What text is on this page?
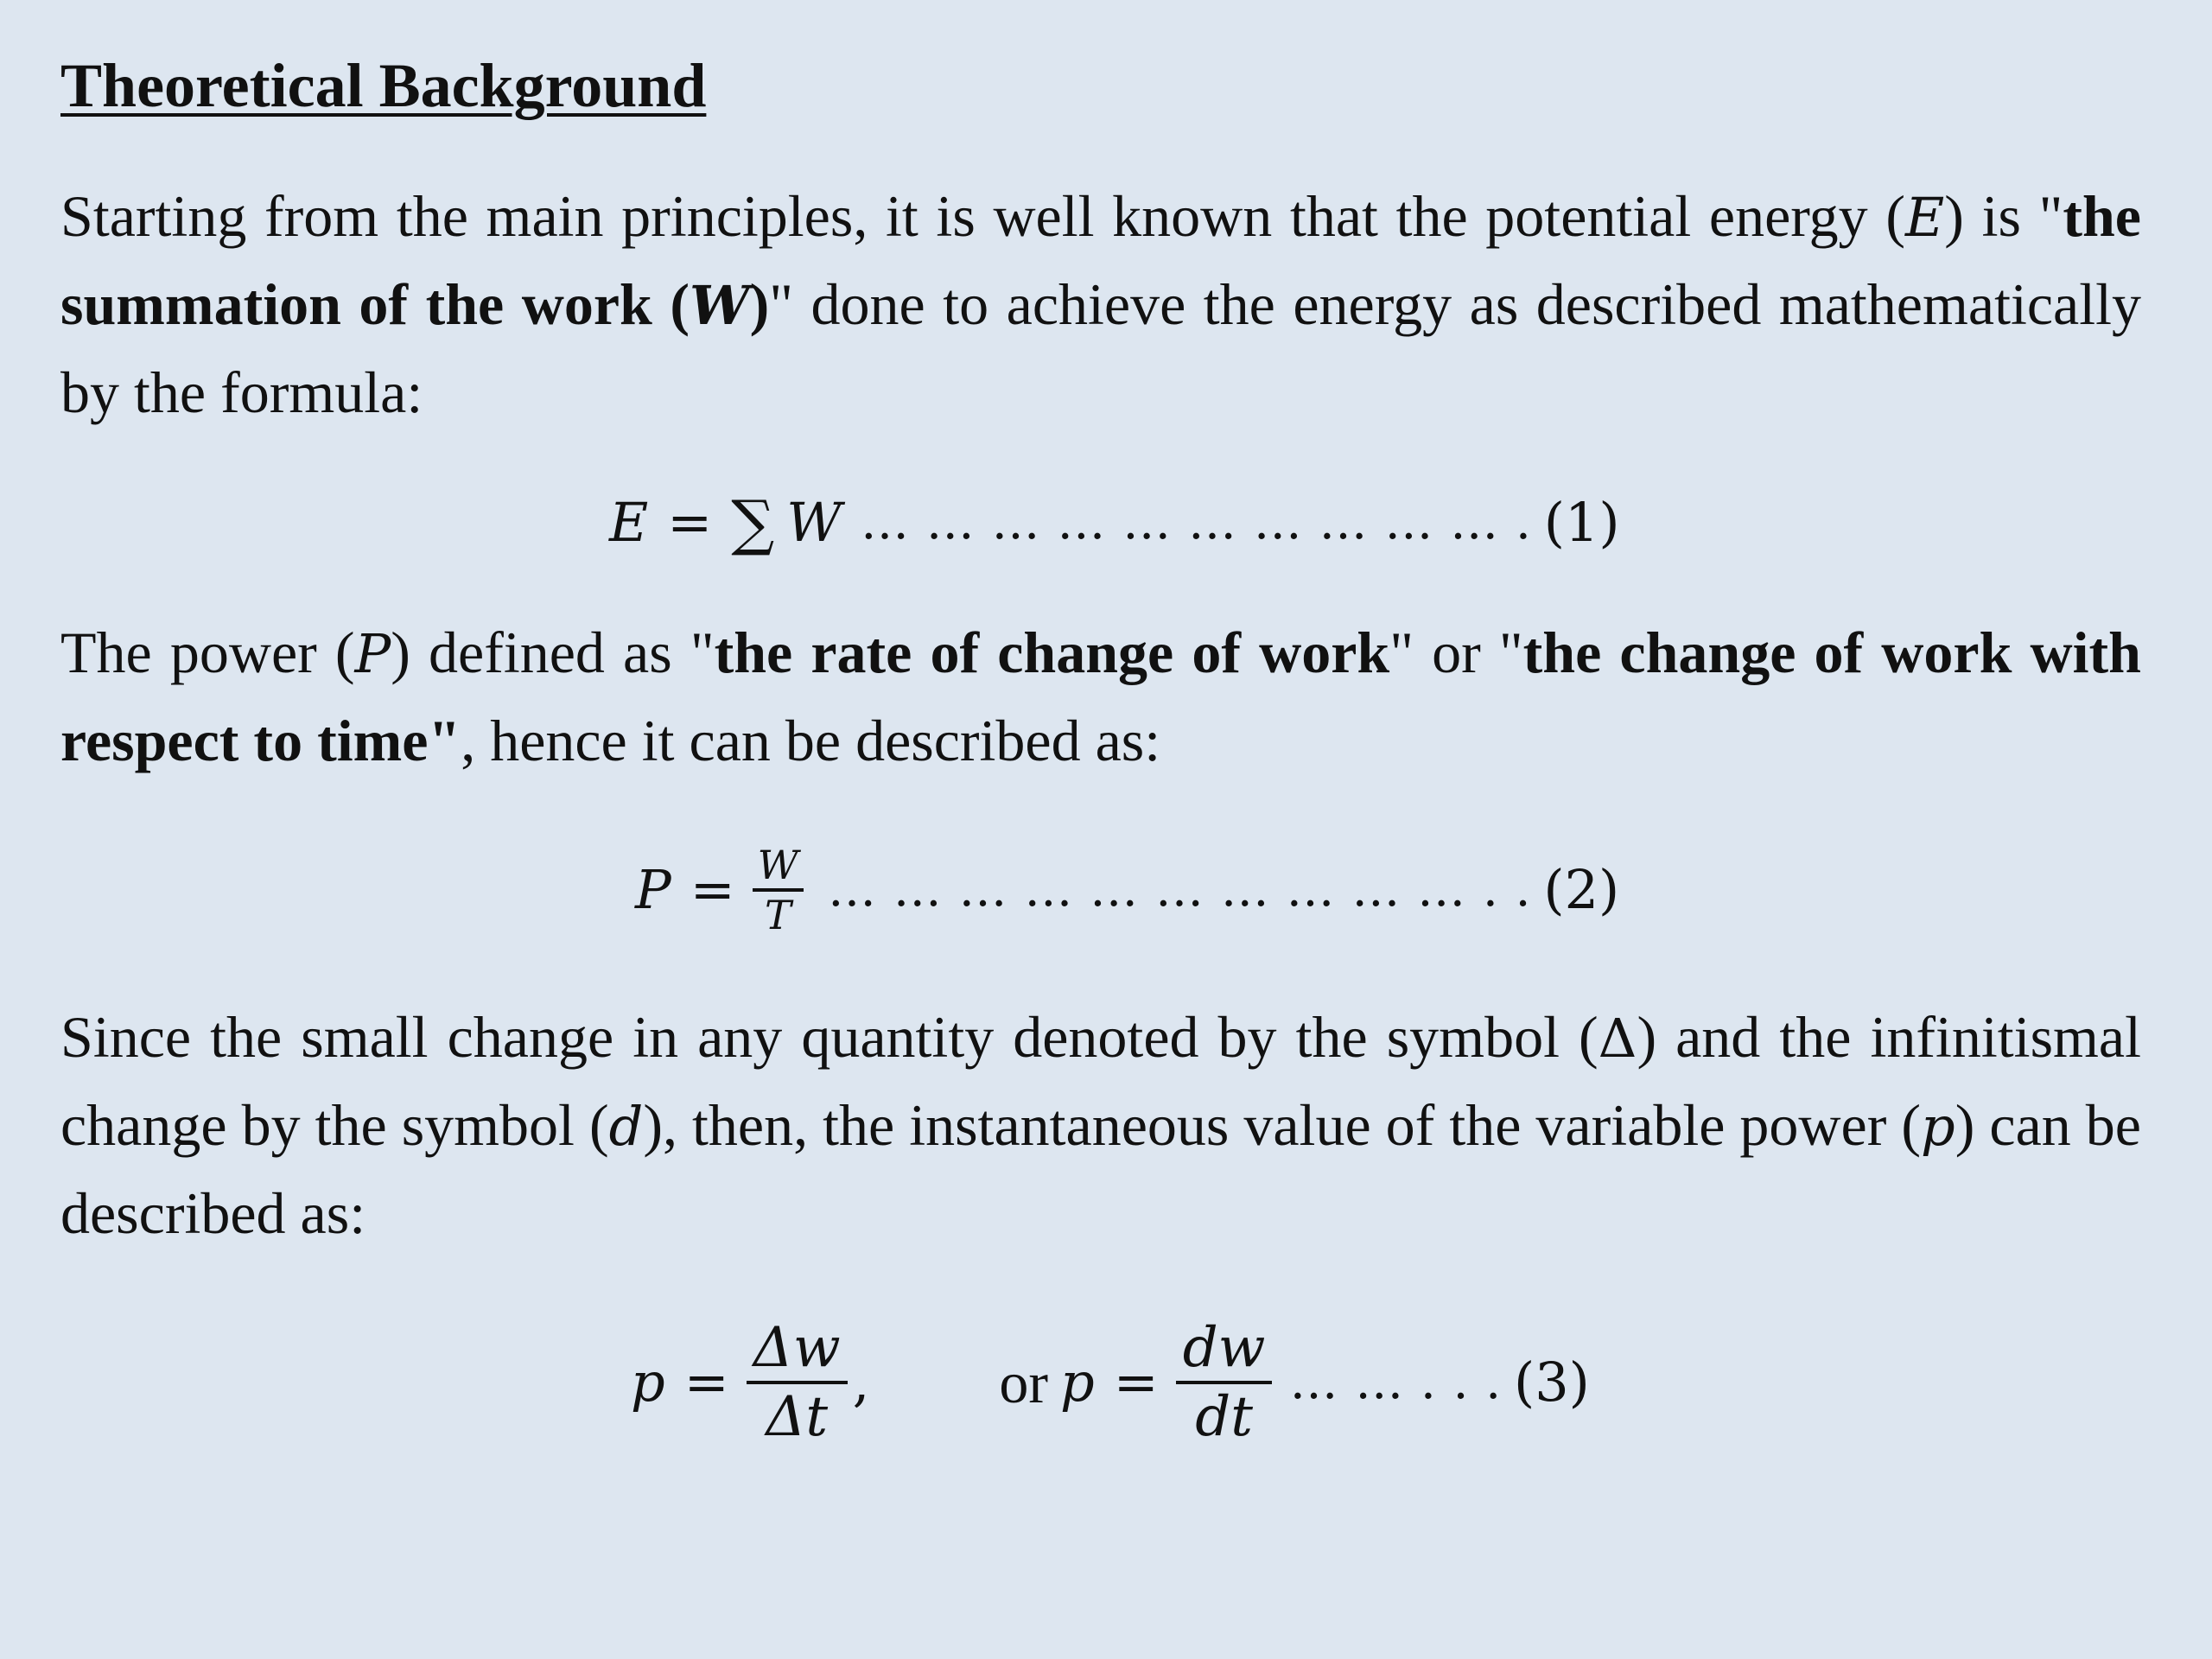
Theoretical Background

Starting from the main principles, it is well known that the potential energy (E) is "the summation of the work (W)" done to achieve the energy as described mathematically by the formula:

E = ∑ W … … … … … … … … … … . (1)

The power (P) defined as "the rate of change of work" or "the change of work with respect to time", hence it can be described as:

$P = \frac{W}{T}$ … … … … … … … … … … . . (2)

Since the small change in any quantity denoted by the symbol (Δ) and the infinitismal change by the symbol (d), then, the instantaneous value of the variable power (p) can be described as:

$p = \frac{\Delta w}{\Delta t}$ , or $p = \frac{dw}{dt}$ … … . . . (3)
